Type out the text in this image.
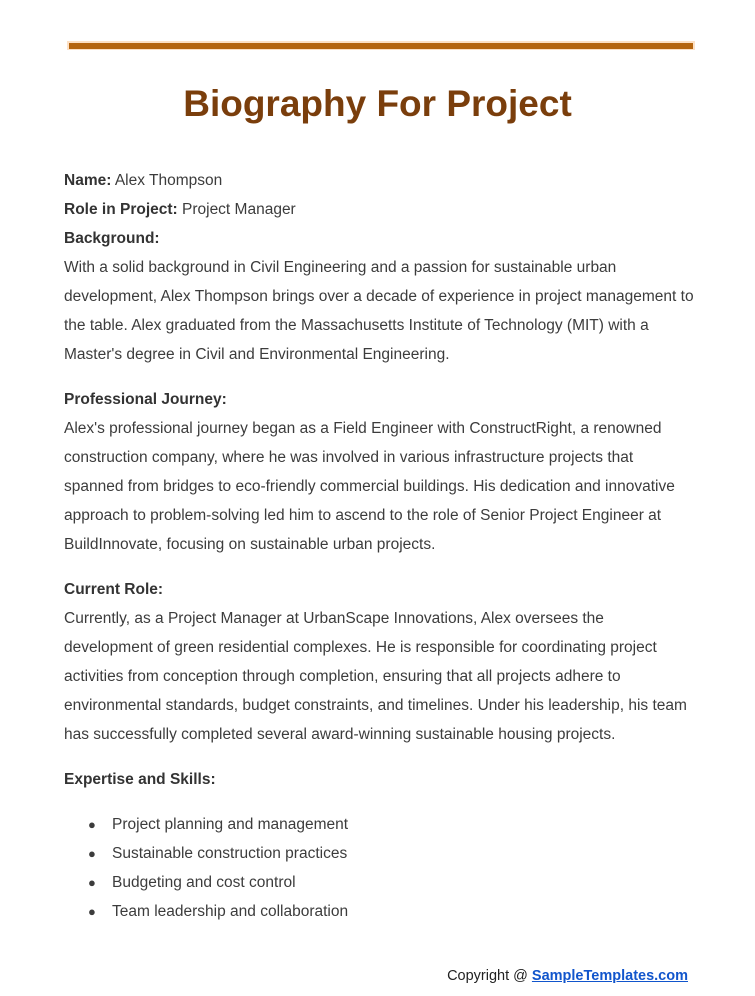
Biography For Project

Name: Alex Thompson

Role in Project: Project Manager

Background:

With a solid background in Civil Engineering and a passion for sustainable urban development, Alex Thompson brings over a decade of experience in project management to the table. Alex graduated from the Massachusetts Institute of Technology (MIT) with a Master's degree in Civil and Environmental Engineering.

Professional Journey:

Alex's professional journey began as a Field Engineer with ConstructRight, a renowned construction company, where he was involved in various infrastructure projects that spanned from bridges to eco-friendly commercial buildings. His dedication and innovative approach to problem-solving led him to ascend to the role of Senior Project Engineer at BuildInnovate, focusing on sustainable urban projects.

Current Role:

Currently, as a Project Manager at UrbanScape Innovations, Alex oversees the development of green residential complexes. He is responsible for coordinating project activities from conception through completion, ensuring that all projects adhere to environmental standards, budget constraints, and timelines. Under his leadership, his team has successfully completed several award-winning sustainable housing projects.

Expertise and Skills:

● Project planning and management
● Sustainable construction practices
● Budgeting and cost control
● Team leadership and collaboration
Copyright @ SampleTemplates.com
